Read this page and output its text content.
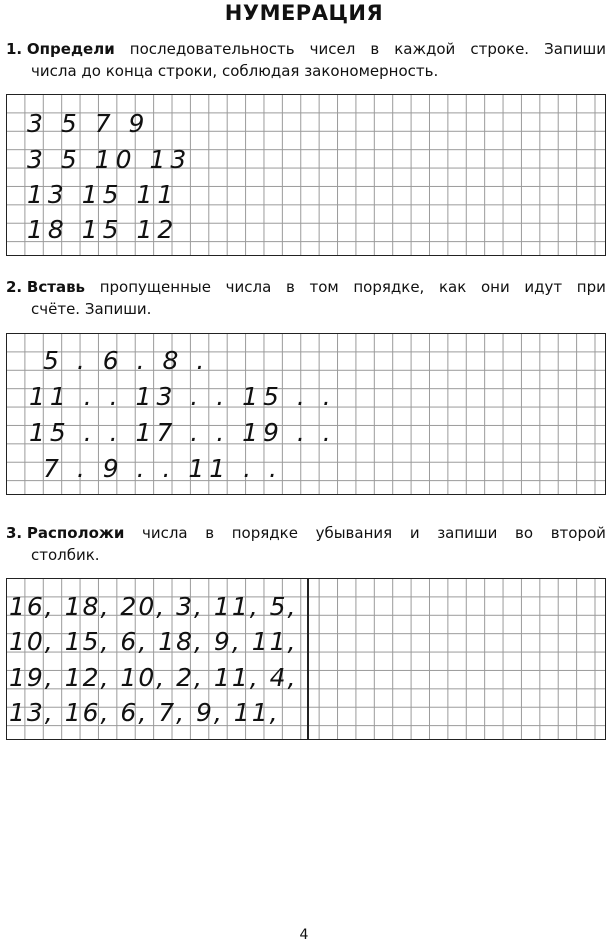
НУМЕРАЦИЯ
1. Определи последовательность чисел в каждой строке. Запиши
числа до конца строки, соблюдая закономерность.
3 5 7 9
3 5 10 13
13 15 11
18 15 12
2. Вставь пропущенные числа в том порядке, как они идут при
счёте. Запиши.
5 . 6 . 8 .
11 . . 13 . . 15 . .
15 . . 17 . . 19 . .
7 . 9 . . 11 . .
3. Расположи числа в порядке убывания и запиши во второй
столбик.
16, 18, 20, 3, 11, 5,
10, 15, 6, 18, 9, 11,
19, 12, 10, 2, 11, 4,
13, 16, 6, 7, 9, 11,
4
